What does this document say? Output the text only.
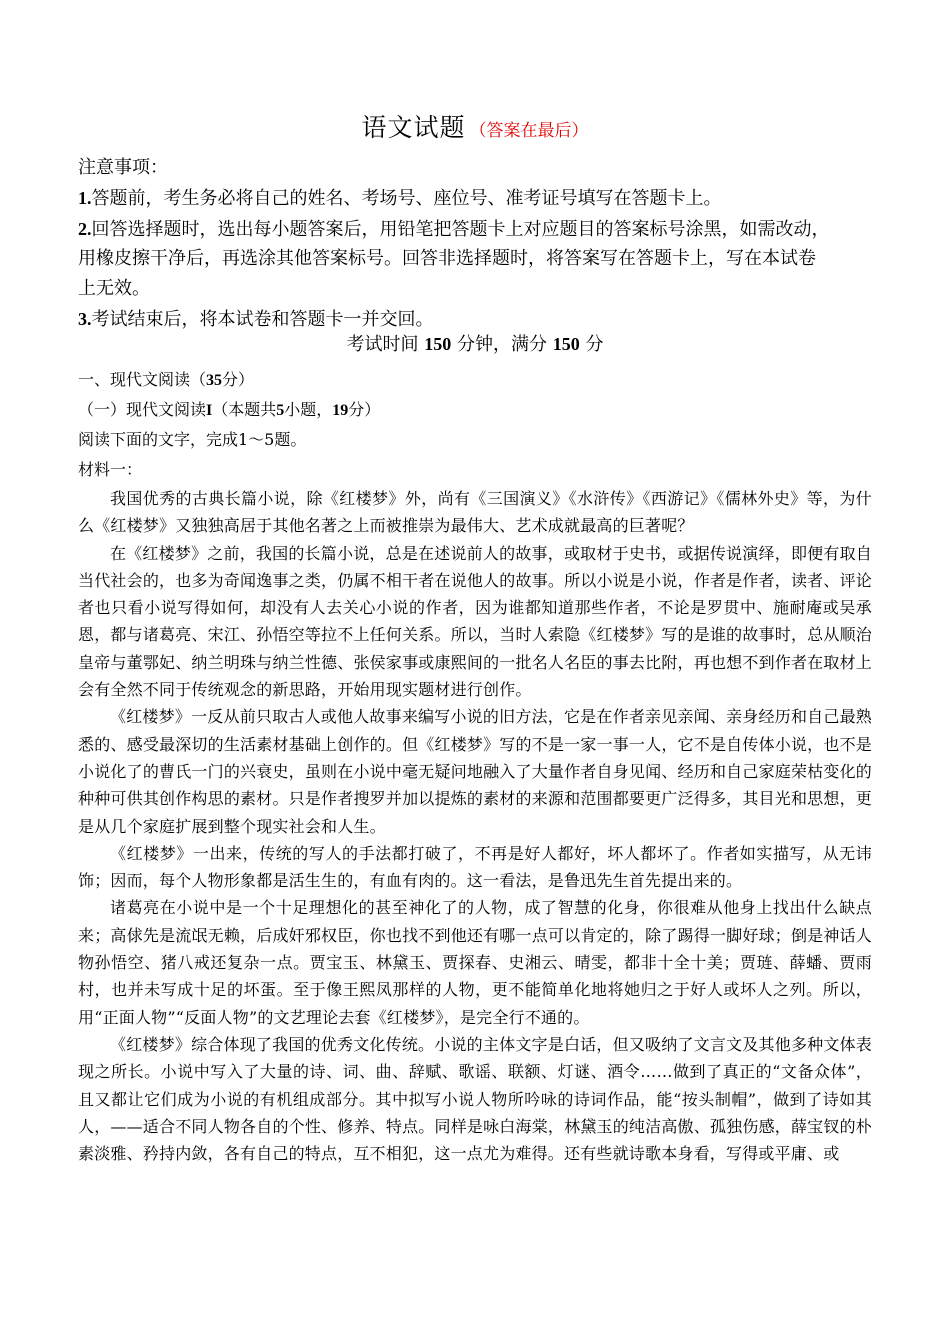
语文试题 （答案在最后）
注意事项：
1.答题前，考生务必将自己的姓名、考场号、座位号、准考证号填写在答题卡上。
2.回答选择题时，选出每小题答案后，用铅笔把答题卡上对应题目的答案标号涂黑，如需改动，
用橡皮擦干净后，再选涂其他答案标号。回答非选择题时，将答案写在答题卡上，写在本试卷
上无效。
3.考试结束后，将本试卷和答题卡一并交回。
考试时间 150 分钟，满分 150 分
一、现代文阅读（35分）
（一）现代文阅读I（本题共5小题，19分）
阅读下面的文字，完成1～5题。
材料一：

我国优秀的古典长篇小说，除《红楼梦》外，尚有《三国演义》《水浒传》《西游记》《儒林外史》等，为什么《红楼梦》又独独高居于其他名著之上而被推崇为最伟大、艺术成就最高的巨著呢？

在《红楼梦》之前，我国的长篇小说，总是在述说前人的故事，或取材于史书，或据传说演绎，即便有取自当代社会的，也多为奇闻逸事之类，仍属不相干者在说他人的故事。所以小说是小说，作者是作者，读者、评论者也只看小说写得如何，却没有人去关心小说的作者，因为谁都知道那些作者，不论是罗贯中、施耐庵或吴承恩，都与诸葛亮、宋江、孙悟空等拉不上任何关系。所以，当时人索隐《红楼梦》写的是谁的故事时，总从顺治皇帝与董鄂妃、纳兰明珠与纳兰性德、张侯家事或康熙间的一批名人名臣的事去比附，再也想不到作者在取材上会有全然不同于传统观念的新思路，开始用现实题材进行创作。

《红楼梦》一反从前只取古人或他人故事来编写小说的旧方法，它是在作者亲见亲闻、亲身经历和自己最熟悉的、感受最深切的生活素材基础上创作的。但《红楼梦》写的不是一家一事一人，它不是自传体小说，也不是小说化了的曹氏一门的兴衰史，虽则在小说中毫无疑问地融入了大量作者自身见闻、经历和自己家庭荣枯变化的种种可供其创作构思的素材。只是作者搜罗并加以提炼的素材的来源和范围都要更广泛得多，其目光和思想，更是从几个家庭扩展到整个现实社会和人生。

《红楼梦》一出来，传统的写人的手法都打破了，不再是好人都好，坏人都坏了。作者如实描写，从无讳饰；因而，每个人物形象都是活生生的，有血有肉的。这一看法，是鲁迅先生首先提出来的。

诸葛亮在小说中是一个十足理想化的甚至神化了的人物，成了智慧的化身，你很难从他身上找出什么缺点来；高俅先是流氓无赖，后成奸邪权臣，你也找不到他还有哪一点可以肯定的，除了踢得一脚好球；倒是神话人物孙悟空、猪八戒还复杂一点。贾宝玉、林黛玉、贾探春、史湘云、晴雯，都非十全十美；贾琏、薛蟠、贾雨村，也并未写成十足的坏蛋。至于像王熙凤那样的人物，更不能简单化地将她归之于好人或坏人之列。所以，用“正面人物”“反面人物”的文艺理论去套《红楼梦》，是完全行不通的。

《红楼梦》综合体现了我国的优秀文化传统。小说的主体文字是白话，但又吸纳了文言文及其他多种文体表现之所长。小说中写入了大量的诗、词、曲、辞赋、歌谣、联额、灯谜、酒令……做到了真正的“文备众体”，且又都让它们成为小说的有机组成部分。其中拟写小说人物所吟咏的诗词作品，能“按头制帽”，做到了诗如其人，——适合不同人物各自的个性、修养、特点。同样是咏白海棠，林黛玉的纯洁高傲、孤独伤感，薛宝钗的朴素淡雅、矜持内敛，各有自己的特点，互不相犯，这一点尤为难得。还有些就诗歌本身看，写得或平庸、或
